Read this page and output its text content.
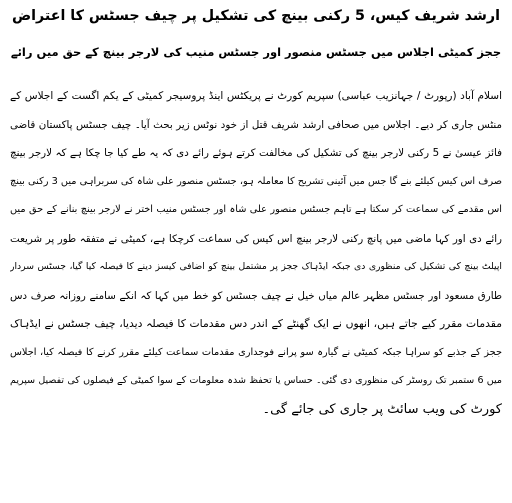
ارشد شریف کیس، 5 رکنی بینچ کی تشکیل پر چیف جسٹس کا اعتراض
ججز کمیٹی اجلاس میں جسٹس منصور اور جسٹس منیب کی لارجر بینچ کے حق میں رائے
اسلام آباد (رپورٹ / جہانزیب عباسی) سپریم کورٹ نے پریکٹس اینڈ پروسیجر کمیٹی کے یکم اگست کے اجلاس کے
منٹس جاری کر دیے۔ اجلاس میں صحافی ارشد شریف قتل از خود نوٹس زیر بحث آیا۔ چیف جسٹس پاکستان قاضی
فائز عیسیٰ نے 5 رکنی لارجر بینچ کی تشکیل کی مخالفت کرتے ہوئے رائے دی کہ یہ طے کیا جا چکا ہے کہ لارجر بینچ
صرف اس کیس کیلئے بنے گا جس میں آئینی تشریح کا معاملہ ہو، جسٹس منصور علی شاہ کی سربراہی میں 3 رکنی بینچ
اس مقدمے کی سماعت کر سکتا ہے تاہم جسٹس منصور علی شاہ اور جسٹس منیب اختر نے لارجر بینچ بنانے کے حق میں
رائے دی اور کہا ماضی میں پانچ رکنی لارجر بینچ اس کیس کی سماعت کرچکا ہے، کمیٹی نے متفقہ طور پر شریعت
اپیلٹ بینچ کی تشکیل کی منظوری دی جبکہ ایڈہاک ججز پر مشتمل بینچ کو اضافی کیسز دینے کا فیصلہ کیا گیا، جسٹس سردار
طارق مسعود اور جسٹس مظہر عالم میاں خیل نے چیف جسٹس کو خط میں کہا کہ انکے سامنے روزانہ صرف دس
مقدمات مقرر کیے جاتے ہیں، انھوں نے ایک گھنٹے کے اندر دس مقدمات کا فیصلہ دیدیا، چیف جسٹس نے ایڈہاک
ججز کے جذبے کو سراہا جبکہ کمیٹی نے گیارہ سو پرانے فوجداری مقدمات سماعت کیلئے مقرر کرنے کا فیصلہ کیا، اجلاس
میں 6 ستمبر تک روسٹر کی منظوری دی گئی۔ حساس یا تحفظ شدہ معلومات کے سوا کمیٹی کے فیصلوں کی تفصیل سپریم
کورٹ کی ویب سائٹ پر جاری کی جائے گی۔
